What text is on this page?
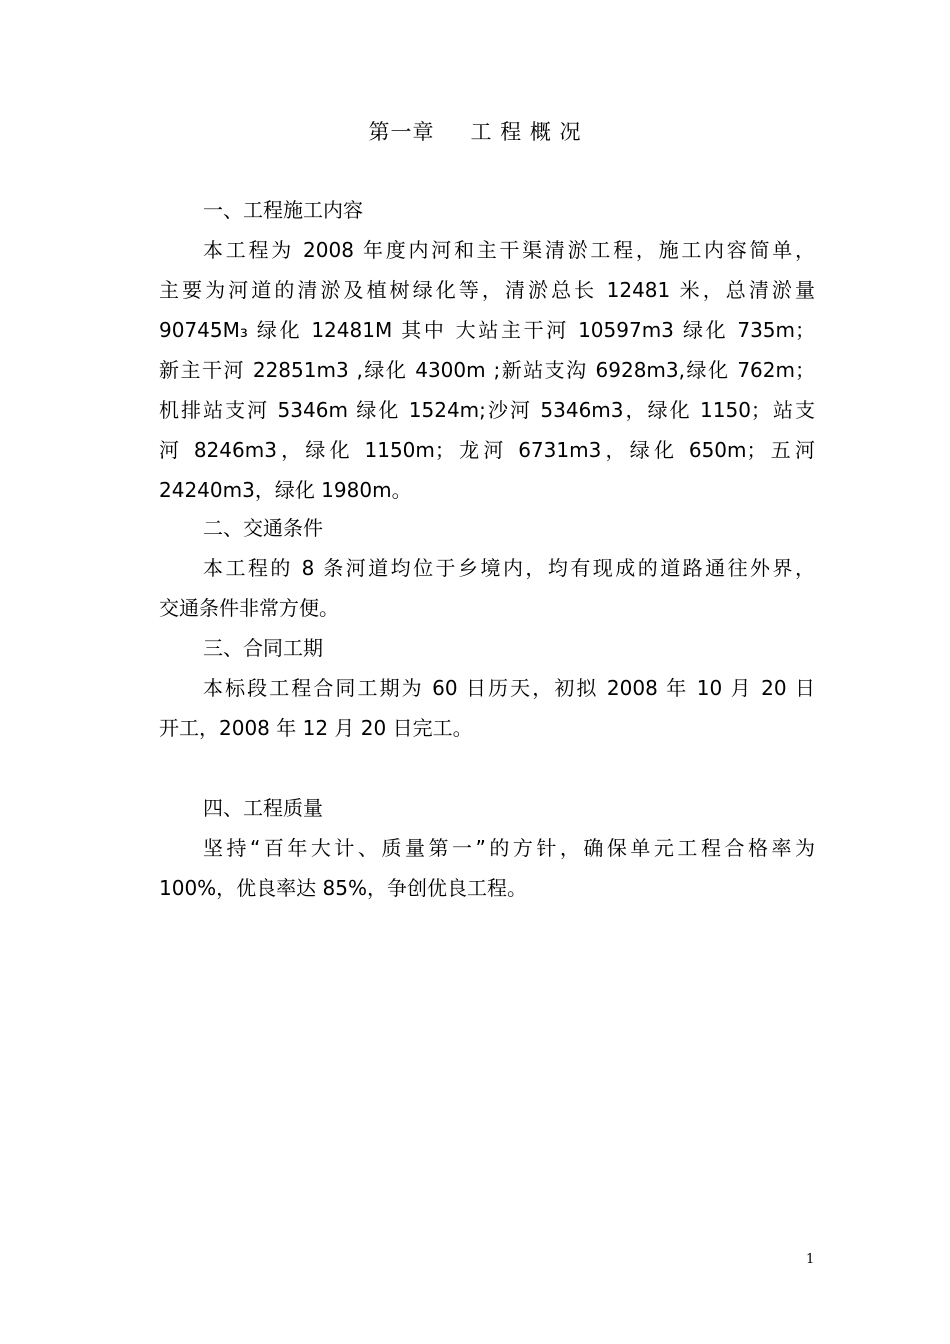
第一章 工 程 概 况
一、工程施工内容
本工程为 2008 年度内河和主干渠清淤工程，施工内容简单，
主要为河道的清淤及植树绿化等，清淤总长 12481 米，总清淤量
90745M₃ 绿化 12481M 其中 大站主干河 10597m3 绿化 735m；
新主干河 22851m3 ,绿化 4300m ;新站支沟 6928m3,绿化 762m；
机排站支河 5346m 绿化 1524m;沙河 5346m3，绿化 1150；站支
河 8246m3，绿化 1150m；龙河 6731m3，绿化 650m；五河
24240m3，绿化 1980m。
二、交通条件
本工程的 8 条河道均位于乡境内，均有现成的道路通往外界，
交通条件非常方便。
三、合同工期
本标段工程合同工期为 60 日历天，初拟 2008 年 10 月 20 日
开工，2008 年 12 月 20 日完工。
四、工程质量
坚持“百年大计、质量第一”的方针，确保单元工程合格率为
100%，优良率达 85%，争创优良工程。
1
